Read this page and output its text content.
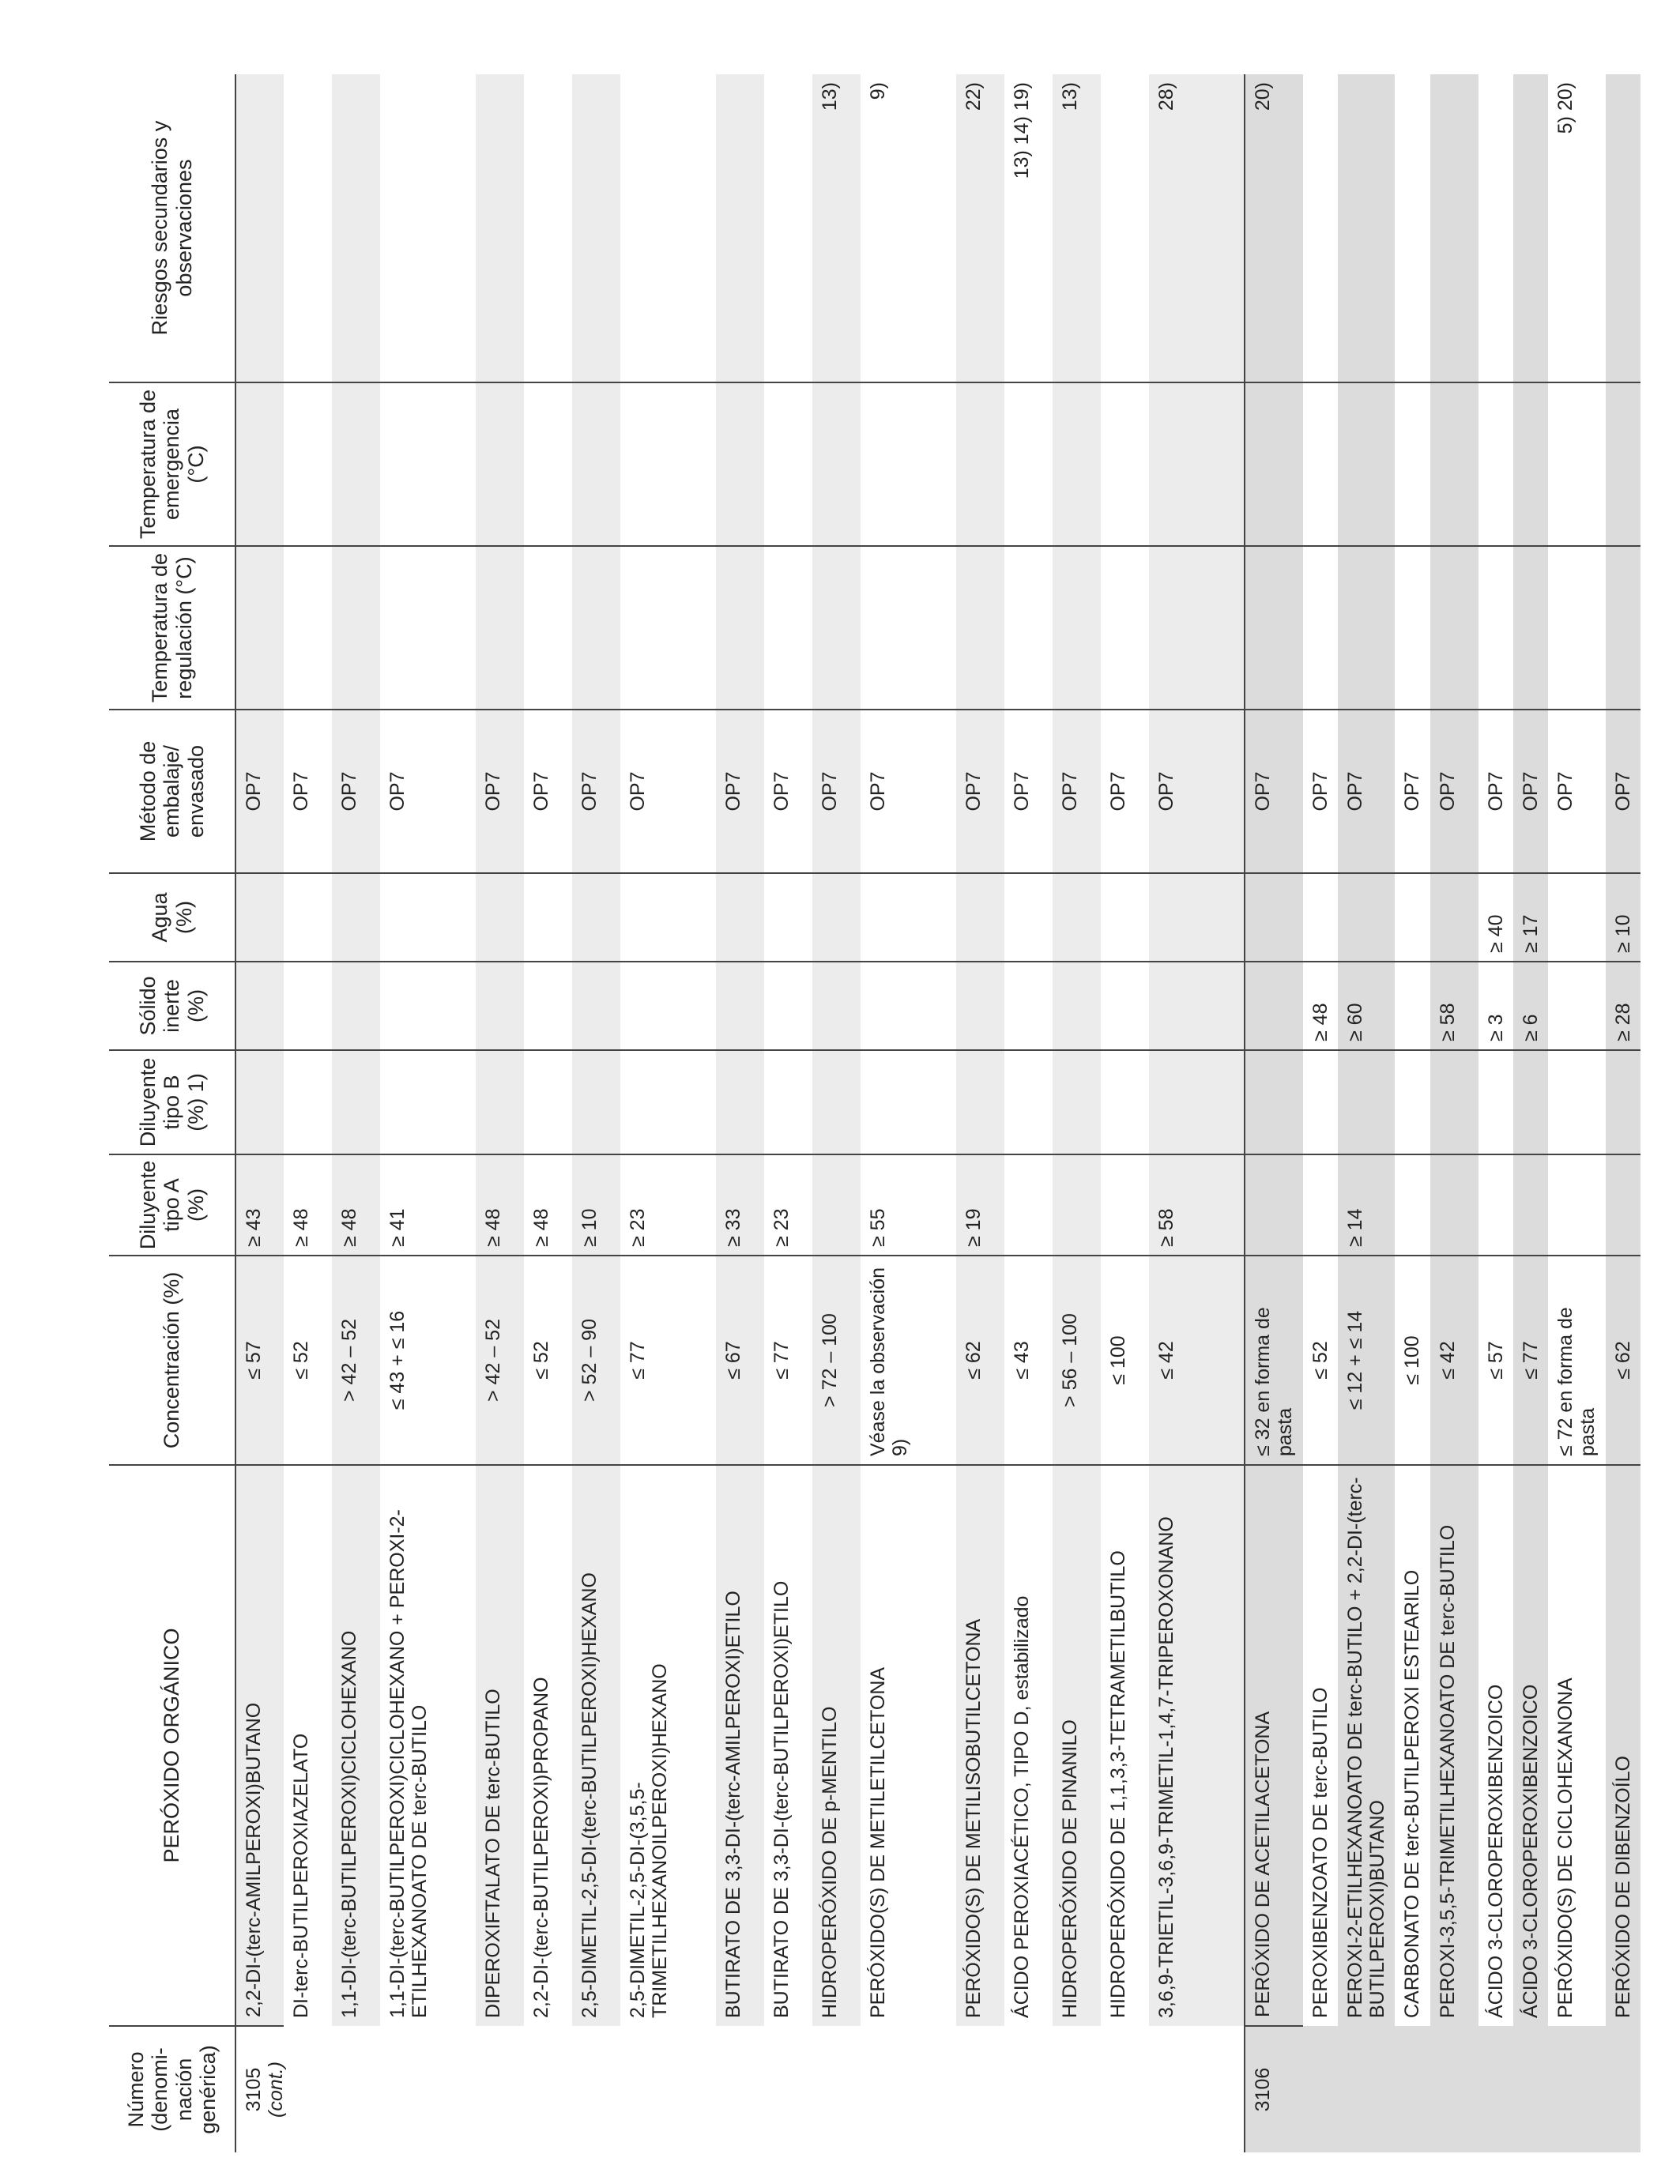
Número (denomi-nación genérica)	PERÓXIDO ORGÁNICO	Concentración (%)	Diluyente tipo A (%)	Diluyente tipo B (%) 1)	Sólido inerte (%)	Agua (%)	Método de embalaje/ envasado	Temperatura de regulación (°C)	Temperatura de emergencia (°C)	Riesgos secundarios y observaciones

3105 (cont.)	2,2-DI-(terc-AMILPEROXI)BUTANO	≤ 57	≥ 43				OP7			
	DI-terc-BUTILPEROXIAZELATO	≤ 52	≥ 48				OP7			
	1,1-DI-(terc-BUTILPEROXI)CICLOHEXANO	> 42 – 52	≥ 48				OP7			
	1,1-DI-(terc-BUTILPEROXI)CICLOHEXANO + PEROXI-2-ETILHEXANOATO DE terc-BUTILO	≤ 43 + ≤ 16	≥ 41				OP7			
	DIPEROXIFTALATO DE terc-BUTILO	> 42 – 52	≥ 48				OP7			
	2,2-DI-(terc-BUTILPEROXI)PROPANO	≤ 52	≥ 48				OP7			
	2,5-DIMETIL-2,5-DI-(terc-BUTILPEROXI)HEXANO	> 52 – 90	≥ 10				OP7			
	2,5-DIMETIL-2,5-DI-(3,5,5-TRIMETILHEXANOILPEROXI)HEXANO	≤ 77	≥ 23				OP7			
	BUTIRATO DE 3,3-DI-(terc-AMILPEROXI)ETILO	≤ 67	≥ 33				OP7			
	BUTIRATO DE 3,3-DI-(terc-BUTILPEROXI)ETILO	≤ 77	≥ 23				OP7			
	HIDROPERÓXIDO DE p-MENTILO	> 72 – 100					OP7			13)
	PERÓXIDO(S) DE METILETILCETONA	Véase la observación 9)	≥ 55				OP7			9)
	PERÓXIDO(S) DE METILISOBUTILCETONA	≤ 62	≥ 19				OP7			22)
	ÁCIDO PEROXIACÉTICO, TIPO D, estabilizado	≤ 43					OP7			13) 14) 19)
	HIDROPERÓXIDO DE PINANILO	> 56 – 100					OP7			13)
	HIDROPERÓXIDO DE 1,1,3,3-TETRAMETILBUTILO	≤ 100					OP7			
	3,6,9-TRIETIL-3,6,9-TRIMETIL-1,4,7-TRIPEROXONANO	≤ 42	≥ 58				OP7			28)

3106	PERÓXIDO DE ACETILACETONA	≤ 32 en forma de pasta					OP7			20)
	PEROXIBENZOATO DE terc-BUTILO	≤ 52			≥ 48		OP7			
	PEROXI-2-ETILHEXANOATO DE terc-BUTILO + 2,2-DI-(terc-BUTILPEROXI)BUTANO	≤ 12 + ≤ 14	≥ 14		≥ 60		OP7			
	CARBONATO DE terc-BUTILPEROXI ESTEARILO	≤ 100					OP7			
	PEROXI-3,5,5-TRIMETILHEXANOATO DE terc-BUTILO	≤ 42			≥ 58		OP7			
	ÁCIDO 3-CLOROPEROXIBENZOICO	≤ 57			≥ 3	≥ 40	OP7			
	ÁCIDO 3-CLOROPEROXIBENZOICO	≤ 77			≥ 6	≥ 17	OP7			
	PERÓXIDO(S) DE CICLOHEXANONA	≤ 72 en forma de pasta					OP7			5) 20)
	PERÓXIDO DE DIBENZOÍLO	≤ 62			≥ 28	≥ 10	OP7			
